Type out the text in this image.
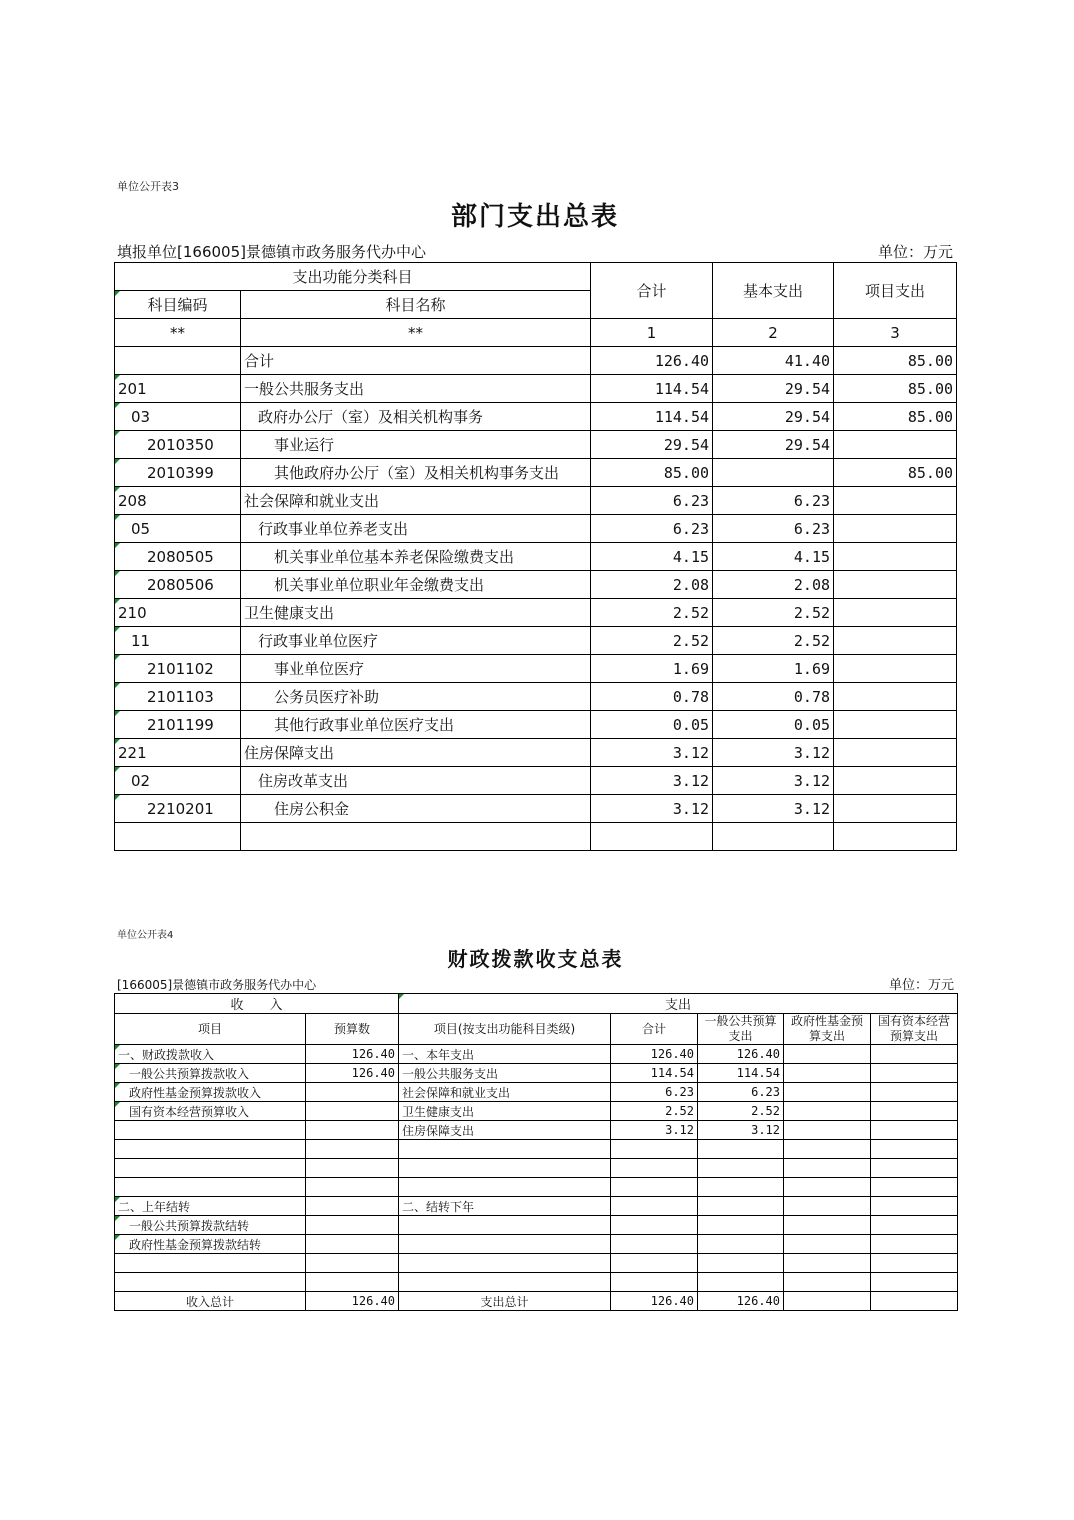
单位公开表3				
部门支出总表				
填报单位[166005]景德镇市政务服务代办中心				单位：万元
支出功能分类科目		合计	基本支出	项目支出
科目编码	科目名称			
**	**	1	2	3
	合计	126.40	41.40	85.00
201	一般公共服务支出	114.54	29.54	85.00
03	政府办公厅（室）及相关机构事务	114.54	29.54	85.00
2010350	事业运行	29.54	29.54	
2010399	其他政府办公厅（室）及相关机构事务支出	85.00		85.00
208	社会保障和就业支出	6.23	6.23	
05	行政事业单位养老支出	6.23	6.23	
2080505	机关事业单位基本养老保险缴费支出	4.15	4.15	
2080506	机关事业单位职业年金缴费支出	2.08	2.08	
210	卫生健康支出	2.52	2.52	
11	行政事业单位医疗	2.52	2.52	
2101102	事业单位医疗	1.69	1.69	
2101103	公务员医疗补助	0.78	0.78	
2101199	其他行政事业单位医疗支出	0.05	0.05	
221	住房保障支出	3.12	3.12	
02	住房改革支出	3.12	3.12	
2210201	住房公积金	3.12	3.12	

单位公开表4						
财政拨款收支总表						
[166005]景德镇市政务服务代办中心						单位：万元
收　　入		支出				
项目	预算数	项目(按支出功能科目类级)	合计	一般公共预算支出	政府性基金预算支出	国有资本经营预算支出
一、财政拨款收入	126.40	一、本年支出	126.40	126.40		
一般公共预算拨款收入	126.40	一般公共服务支出	114.54	114.54		
政府性基金预算拨款收入		社会保障和就业支出	6.23	6.23		
国有资本经营预算收入		卫生健康支出	2.52	2.52		
		住房保障支出	3.12	3.12		

二、上年结转		二、结转下年				
一般公共预算拨款结转						
政府性基金预算拨款结转						

收入总计	126.40	支出总计	126.40	126.40		
